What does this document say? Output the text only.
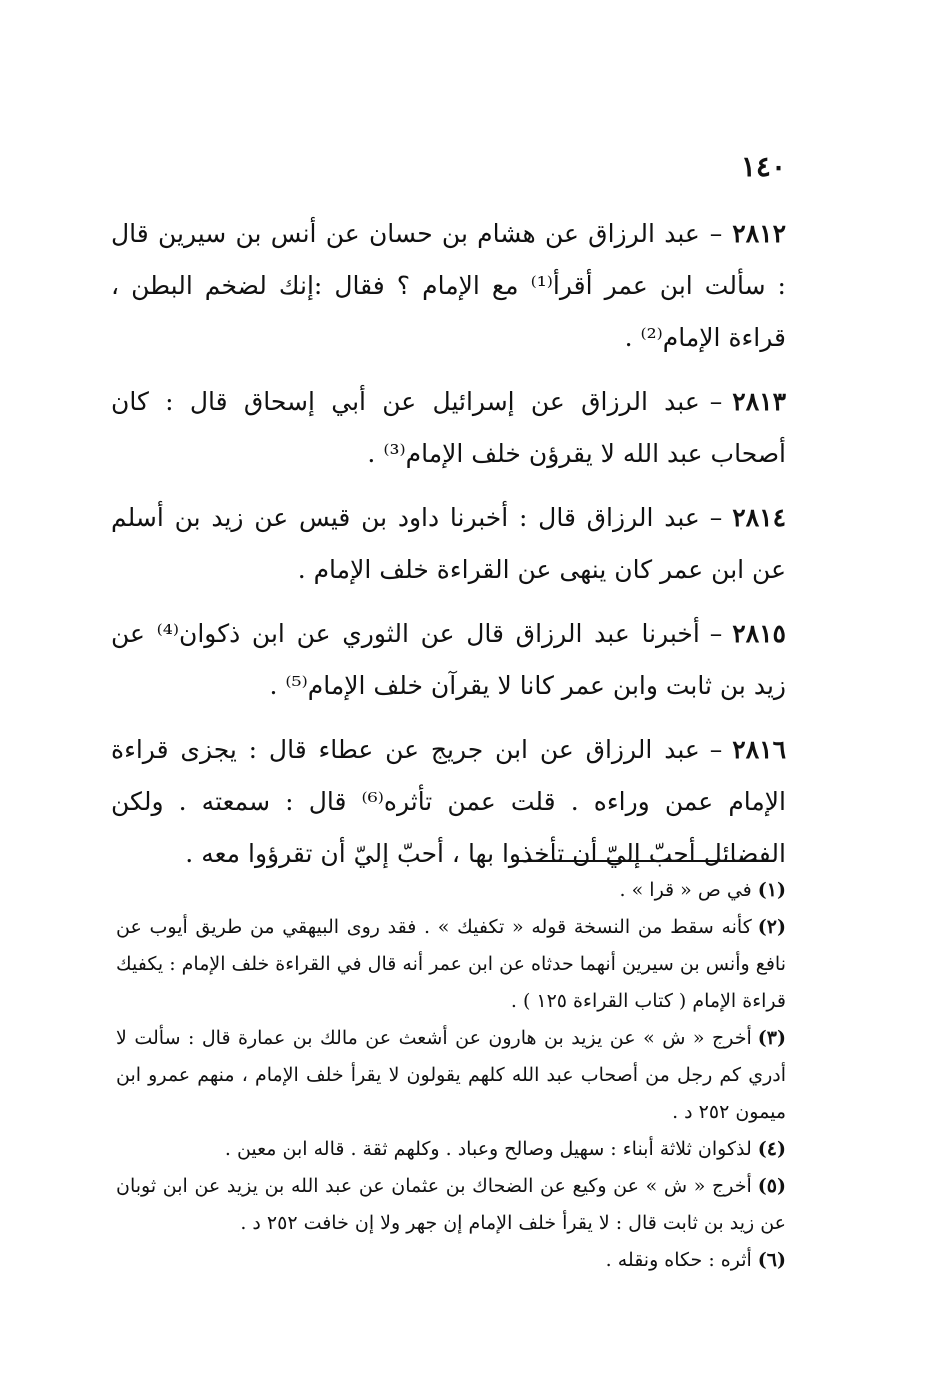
١٤٠

٢٨١٢–عبد الرزاق عن هشام بن حسان عن أنس بن سيرين قال : سألت ابن عمر أقرأ⁽¹⁾ مع الإمام ؟ فقال :إنك لضخم البطن ، قراءة الإمام⁽²⁾ .

٢٨١٣–عبد الرزاق عن إسرائيل عن أبي إسحاق قال : كان أصحاب عبد الله لا يقرؤن خلف الإمام⁽³⁾ .

٢٨١٤–عبد الرزاق قال : أخبرنا داود بن قيس عن زيد بن أسلم عن ابن عمر كان ينهى عن القراءة خلف الإمام .

٢٨١٥–أخبرنا عبد الرزاق قال عن الثوري عن ابن ذكوان⁽⁴⁾ عن زيد بن ثابت وابن عمر كانا لا يقرآن خلف الإمام⁽⁵⁾ .

٢٨١٦–عبد الرزاق عن ابن جريج عن عطاء قال : يجزى قراءة الإمام عمن وراءه . قلت عمن تأثره⁽⁶⁾ قال : سمعته . ولكن الفضائل أحبّ إليّ أن تأخذوا بها ، أحبّ إليّ أن تقرؤوا معه .

(١)في ص « قرا » .

(٢)كأنه سقط من النسخة قوله « تكفيك » . فقد روى البيهقي من طريق أيوب عن نافع وأنس بن سيرين أنهما حدثاه عن ابن عمر أنه قال في القراءة خلف الإمام : يكفيك قراءة الإمام ( كتاب القراءة ١٢٥ ) .

(٣)أخرج « ش » عن يزيد بن هارون عن أشعث عن مالك بن عمارة قال : سألت لا أدري كم رجل من أصحاب عبد الله كلهم يقولون لا يقرأ خلف الإمام ، منهم عمرو ابن ميمون ٢٥٢ د .

(٤)لذكوان ثلاثة أبناء : سهيل وصالح وعباد . وكلهم ثقة . قاله ابن معين .

(٥)أخرج « ش » عن وكيع عن الضحاك بن عثمان عن عبد الله بن يزيد عن ابن ثوبان عن زيد بن ثابت قال : لا يقرأ خلف الإمام إن جهر ولا إن خافت ٢٥٢ د .

(٦)أثره : حكاه ونقله .
